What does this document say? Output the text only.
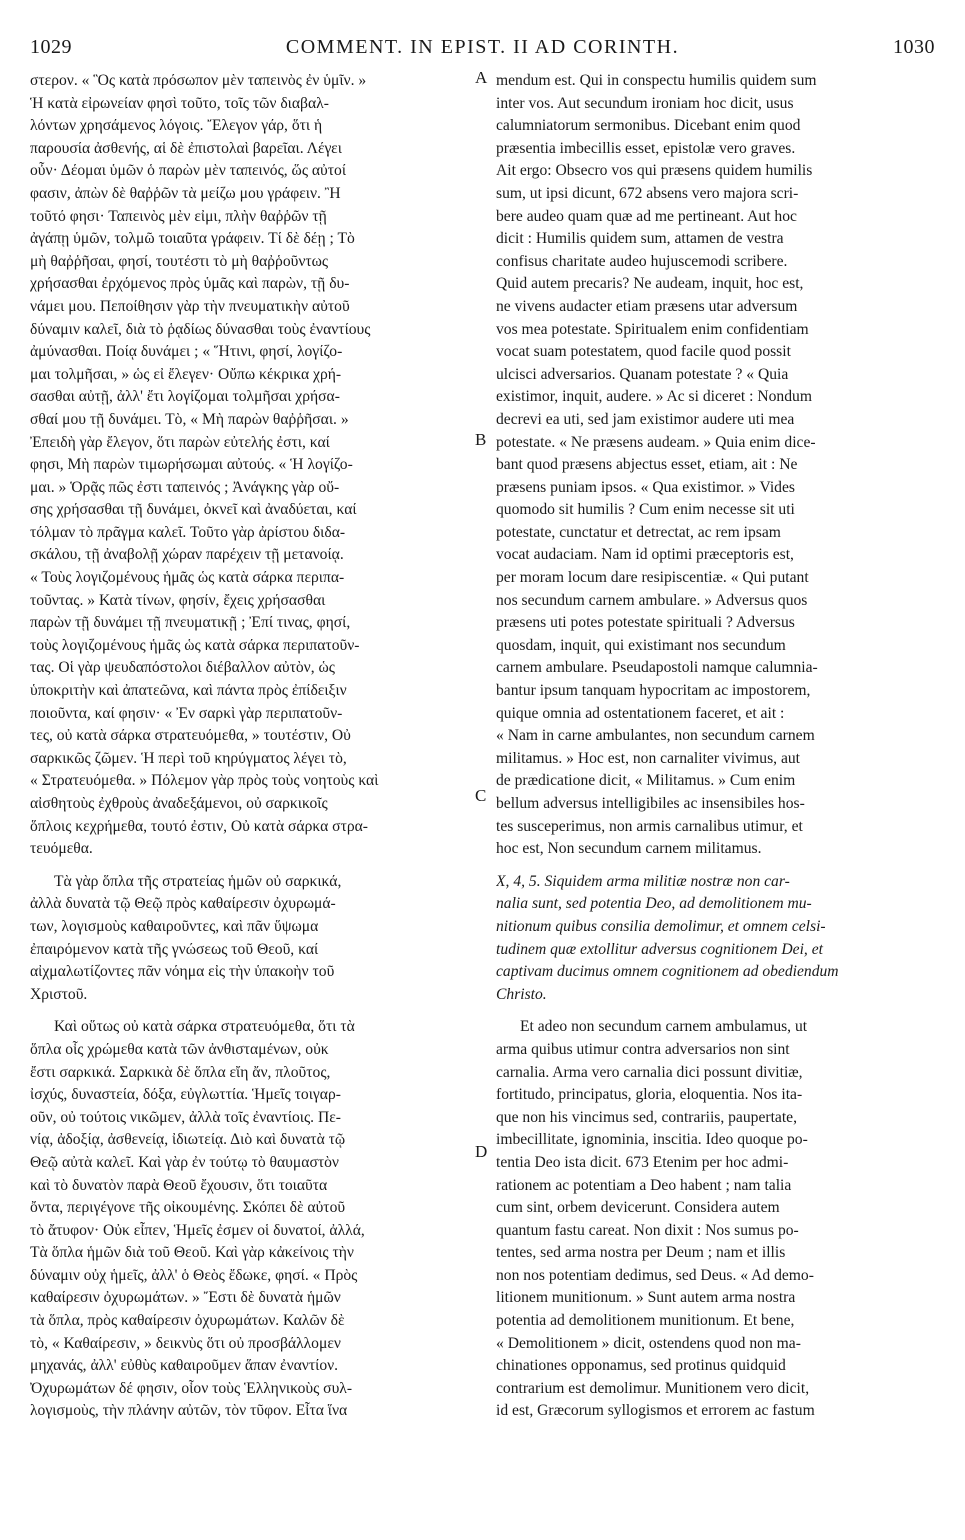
1029	COMMENT. IN EPIST. II AD CORINTH.	1030
στερον. « Ὃς κατὰ πρόσωπον μὲν ταπεινὸς ἐν ὑμῖν. »
Ἡ κατὰ εἰρωνείαν φησὶ τοῦτο, τοῖς τῶν διαβαλ-
λόντων χρησάμενος λόγοις. Ἔλεγον γάρ, ὅτι ἡ
παρουσία ἀσθενής, αἱ δὲ ἐπιστολαὶ βαρεῖαι. Λέγει
οὖν· Δέομαι ὑμῶν ὁ παρὼν μὲν ταπεινός, ὥς αὐτοί
φασιν, ἀπὼν δὲ θαῤῥῶν τὰ μείζω μου γράφειν. Ἢ
τοῦτό φησι· Ταπεινὸς μὲν εἰμι, πλὴν θαῤῥῶν τῇ
ἀγάπῃ ὑμῶν, τολμῶ τοιαῦτα γράφειν. Τί δὲ δέῃ ; Τὸ
μὴ θαῤῥῆσαι, φησί, τουτέστι τὸ μὴ θαῤῥοῦντως
χρήσασθαι ἐρχόμενος πρὸς ὑμᾶς καὶ παρὼν, τῇ δυ-
νάμει μου. Πεποίθησιν γὰρ τὴν πνευματικὴν αὐτοῦ
δύναμιν καλεῖ, διὰ τὸ ῥᾳδίως δύνασθαι τοὺς ἐναντίους
ἀμύνασθαι. Ποίᾳ δυνάμει ; « Ἥτινι, φησί, λογίζο-
μαι τολμῆσαι, » ὡς εἰ ἔλεγεν· Οὔπω κέκρικα χρή-
σασθαι αὐτῇ, ἀλλ' ἔτι λογίζομαι τολμῆσαι χρήσα-
σθαί μου τῇ δυνάμει. Τὸ, « Μὴ παρὼν θαῤῥῆσαι. »
Ἐπειδὴ γὰρ ἔλεγον, ὅτι παρὼν εὐτελής ἐστι, καί
φησι, Μὴ παρὼν τιμωρήσωμαι αὐτούς. « Ἡ λογίζο-
μαι. » Ὁρᾷς πῶς ἐστι ταπεινός ; Ἀνάγκης γὰρ οὔ-
σης χρήσασθαι τῇ δυνάμει, ὀκνεῖ καὶ ἀναδύεται, καί
τόλμαν τὸ πρᾶγμα καλεῖ. Τοῦτο γὰρ ἀρίστου διδα-
σκάλου, τῇ ἀναβολῇ χώραν παρέχειν τῇ μετανοίᾳ.
« Τοὺς λογιζομένους ἡμᾶς ὡς κατὰ σάρκα περιπα-
τοῦντας. » Κατὰ τίνων, φησίν, ἔχεις χρήσασθαι
παρὼν τῇ δυνάμει τῇ πνευματικῇ ; Ἐπί τινας, φησί,
τοὺς λογιζομένους ἡμᾶς ὡς κατὰ σάρκα περιπατοῦν-
τας. Οἱ γὰρ ψευδαπόστολοι διέβαλλον αὐτὸν, ὡς
ὑποκριτὴν καὶ ἀπατεῶνα, καὶ πάντα πρὸς ἐπίδειξιν
ποιοῦντα, καί φησιν· « Ἐν σαρκὶ γὰρ περιπατοῦν-
τες, οὐ κατὰ σάρκα στρατευόμεθα, » τουτέστιν, Οὐ
σαρκικῶς ζῶμεν. Ἡ περὶ τοῦ κηρύγματος λέγει τὸ,
« Στρατευόμεθα. » Πόλεμον γὰρ πρὸς τοὺς νοητοὺς καὶ
αἰσθητοὺς ἐχθροὺς ἀναδεξάμενοι, οὐ σαρκικοῖς
ὅπλοις κεχρήμεθα, τουτό ἐστιν, Οὐ κατὰ σάρκα στρα-
τευόμεθα.
Τὰ γὰρ ὅπλα τῆς στρατείας ἡμῶν οὐ σαρκικά,
ἀλλὰ δυνατὰ τῷ Θεῷ πρὸς καθαίρεσιν ὀχυρωμά-
των, λογισμοὺς καθαιροῦντες, καὶ πᾶν ὕψωμα
ἐπαιρόμενον κατὰ τῆς γνώσεως τοῦ Θεοῦ, καί
αἰχμαλωτίζοντες πᾶν νόημα εἰς τὴν ὑπακοὴν τοῦ
Χριστοῦ.
Καὶ οὕτως οὐ κατὰ σάρκα στρατευόμεθα, ὅτι τὰ
ὅπλα οἷς χρώμεθα κατὰ τῶν ἀνθισταμένων, οὐκ
ἔστι σαρκικά. Σαρκικὰ δὲ ὅπλα εἴη ἄν, πλοῦτος,
ἰσχύς, δυναστεία, δόξα, εὐγλωττία. Ἡμεῖς τοιγαρ-
οῦν, οὐ τούτοις νικῶμεν, ἀλλὰ τοῖς ἐναντίοις. Πε-
νίᾳ, ἀδοξίᾳ, ἀσθενείᾳ, ἰδιωτείᾳ. Διὸ καὶ δυνατὰ τῷ
Θεῷ αὐτὰ καλεῖ. Καὶ γὰρ ἐν τούτῳ τὸ θαυμαστὸν
καὶ τὸ δυνατὸν παρὰ Θεοῦ ἔχουσιν, ὅτι τοιαῦτα
ὄντα, περιγέγονε τῆς οἰκουμένης. Σκόπει δὲ αὐτοῦ
τὸ ἄτυφον· Οὐκ εἶπεν, Ἡμεῖς ἐσμεν οἱ δυνατοί, ἀλλά,
Τὰ ὅπλα ἡμῶν διὰ τοῦ Θεοῦ. Καὶ γὰρ κἀκείνοις τὴν
δύναμιν οὐχ ἡμεῖς, ἀλλ' ὁ Θεὸς ἔδωκε, φησί. « Πρὸς
καθαίρεσιν ὀχυρωμάτων. » Ἔστι δὲ δυνατὰ ἡμῶν
τὰ ὅπλα, πρὸς καθαίρεσιν ὀχυρωμάτων. Καλῶν δὲ
τὸ, « Καθαίρεσιν, » δεικνὺς ὅτι οὐ προσβάλλομεν
μηχανάς, ἀλλ' εὐθὺς καθαιροῦμεν ἅπαν ἐναντίον.
Ὀχυρωμάτων δέ φησιν, οἷον τοὺς Ἑλληνικοὺς συλ-
λογισμοὺς, τὴν πλάνην αὐτῶν, τὸν τῦφον. Εἶτα ἵνα
mendum est. Qui in conspectu humilis quidem sum
inter vos. Aut secundum ironiam hoc dicit, usus
calumniatorum sermonibus. Dicebant enim quod
præsentia imbecillis esset, epistolæ vero graves.
Ait ergo: Obsecro vos qui præsens quidem humilis
sum, ut ipsi dicunt, 672 absens vero majora scri-
bere audeo quam quæ ad me pertineant. Aut hoc
dicit : Humilis quidem sum, attamen de vestra
confisus charitate audeo hujuscemodi scribere.
Quid autem precaris? Ne audeam, inquit, hoc est,
ne vivens audacter etiam præsens utar adversum
vos mea potestate. Spiritualem enim confidentiam
vocat suam potestatem, quod facile quod possit
ulcisci adversarios. Quanam potestate ? « Quia
existimor, inquit, audere. » Ac si diceret : Nondum
decrevi ea uti, sed jam existimor audere uti mea
potestate. « Ne præsens audeam. » Quia enim dice-
bant quod præsens abjectus esset, etiam, ait : Ne
præsens puniam ipsos. « Qua existimor. » Vides
quomodo sit humilis ? Cum enim necesse sit uti
potestate, cunctatur et detrectat, ac rem ipsam
vocat audaciam. Nam id optimi præceptoris est,
per moram locum dare resipiscentiæ. « Qui putant
nos secundum carnem ambulare. » Adversus quos
præsens uti potes potestate spirituali ? Adversus
quosdam, inquit, qui existimant nos secundum
carnem ambulare. Pseudapostoli namque calumnia-
bantur ipsum tanquam hypocritam ac impostorem,
quique omnia ad ostentationem faceret, et ait :
« Nam in carne ambulantes, non secundum carnem
militamus. » Hoc est, non carnaliter vivimus, aut
de prædicatione dicit, « Militamus. » Cum enim
bellum adversus intelligibiles ac insensibiles hos-
tes susceperimus, non armis carnalibus utimur, et
hoc est, Non secundum carnem militamus.
X, 4, 5. Siquidem arma militiæ nostræ non car-
nalia sunt, sed potentia Deo, ad demolitionem mu-
nitionum quibus consilia demolimur, et omnem celsi-
tudinem quæ extollitur adversus cognitionem Dei, et
captivam ducimus omnem cognitionem ad obediendum
Christo.
Et adeo non secundum carnem ambulamus, ut
arma quibus utimur contra adversarios non sint
carnalia. Arma vero carnalia dici possunt divitiæ,
fortitudo, principatus, gloria, eloquentia. Nos ita-
que non his vincimus sed, contrariis, paupertate,
imbecillitate, ignominia, inscitia. Ideo quoque po-
tentia Deo ista dicit. 673 Etenim per hoc admi-
rationem ac potentiam a Deo habent ; nam talia
cum sint, orbem devicerunt. Considera autem
quantum fastu careat. Non dixit : Nos sumus po-
tentes, sed arma nostra per Deum ; nam et illis
non nos potentiam dedimus, sed Deus. « Ad demo-
litionem munitionum. » Sunt autem arma nostra
potentia ad demolitionem munitionum. Et bene,
« Demolitionem » dicit, ostendens quod non ma-
chinationes opponamus, sed protinus quidquid
contrarium est demolimur. Munitionem vero dicit,
id est, Græcorum syllogismos et errorem ac fastum
A
B
C
D
